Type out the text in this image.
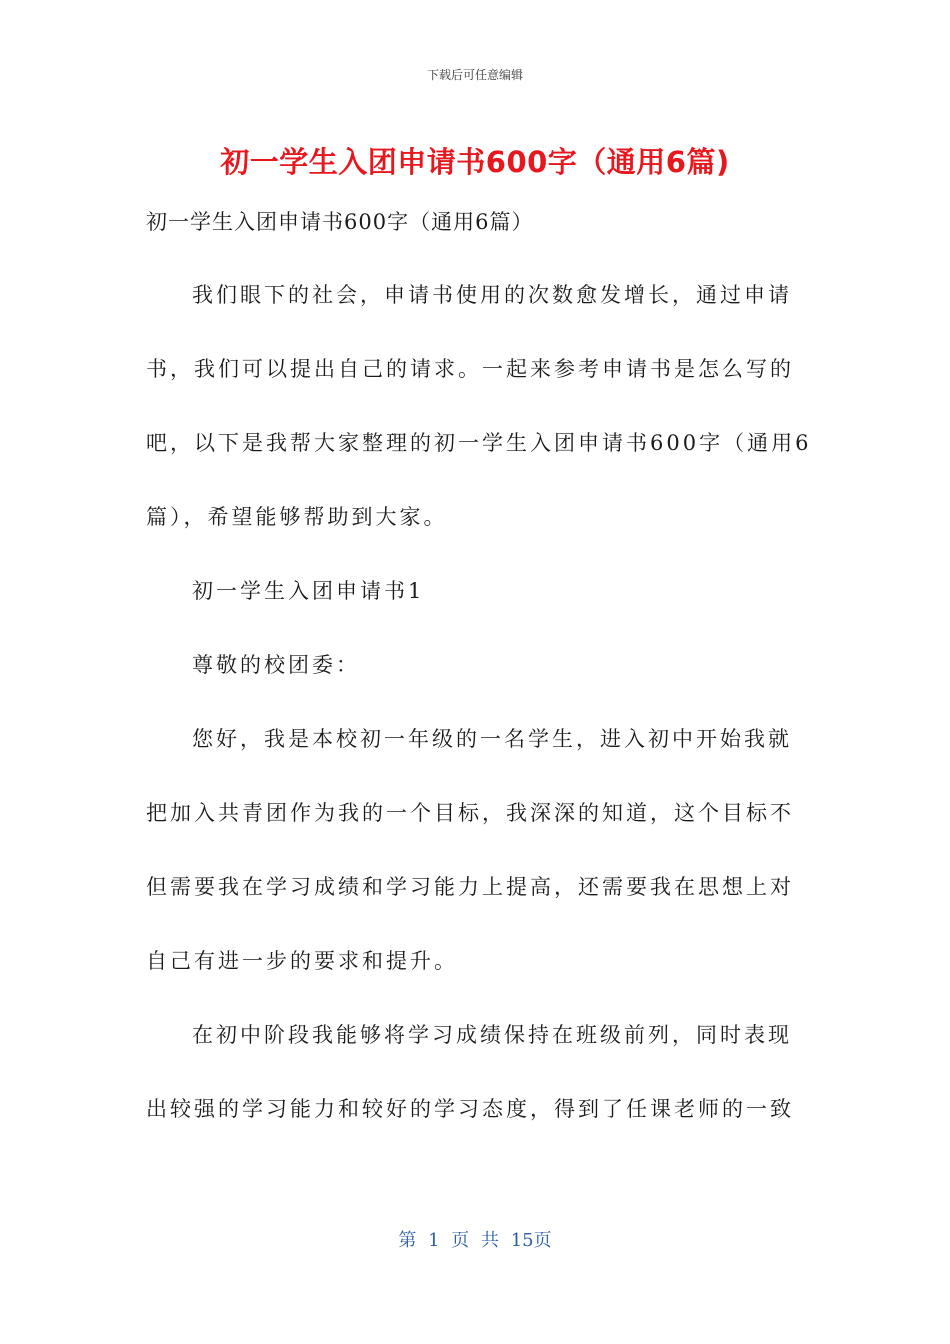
下载后可任意编辑
初一学生入团申请书600字（通用6篇)
初一学生入团申请书600字（通用6篇）
我们眼下的社会，申请书使用的次数愈发增长，通过申请
书，我们可以提出自己的请求。一起来参考申请书是怎么写的
吧，以下是我帮大家整理的初一学生入团申请书600字（通用6
篇），希望能够帮助到大家。
初一学生入团申请书1
尊敬的校团委：
您好，我是本校初一年级的一名学生，进入初中开始我就
把加入共青团作为我的一个目标，我深深的知道，这个目标不
但需要我在学习成绩和学习能力上提高，还需要我在思想上对
自己有进一步的要求和提升。
在初中阶段我能够将学习成绩保持在班级前列，同时表现
出较强的学习能力和较好的学习态度，得到了任课老师的一致
第 1 页 共 15页
